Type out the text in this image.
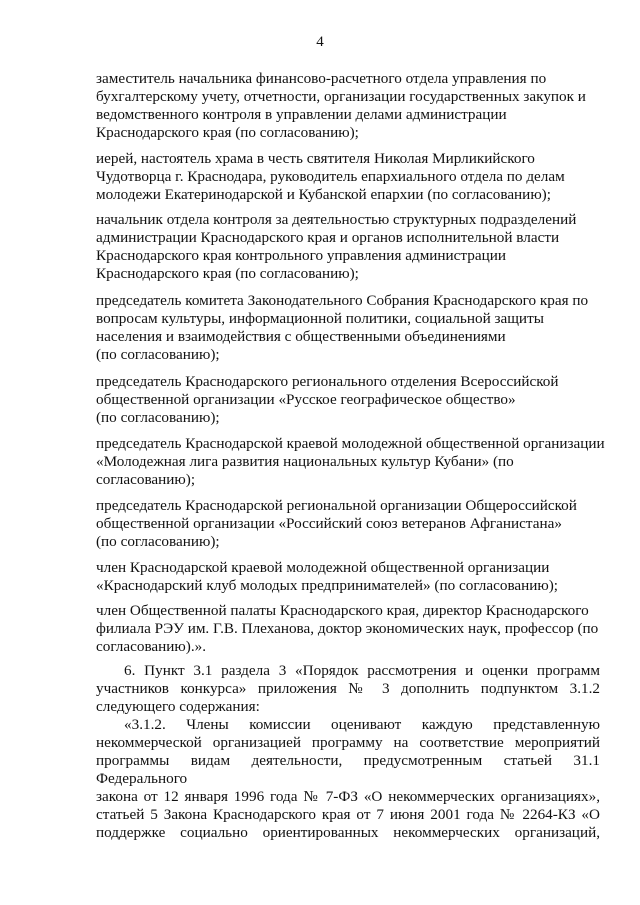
4
заместитель начальника финансово-расчетного отдела управления по
бухгалтерскому учету, отчетности, организации государственных закупок и
ведомственного контроля в управлении делами администрации
Краснодарского края (по согласованию);
иерей, настоятель храма в честь святителя Николая Мирликийского
Чудотворца г. Краснодара, руководитель епархиального отдела по делам
молодежи Екатеринодарской и Кубанской епархии (по согласованию);
начальник отдела контроля за деятельностью структурных подразделений
администрации Краснодарского края и органов исполнительной власти
Краснодарского края контрольного управления администрации
Краснодарского края (по согласованию);
председатель комитета Законодательного Собрания Краснодарского края по
вопросам культуры, информационной политики, социальной защиты
населения и взаимодействия с общественными объединениями
(по согласованию);
председатель Краснодарского регионального отделения Всероссийской
общественной организации «Русское географическое общество»
(по согласованию);
председатель Краснодарской краевой молодежной общественной организации
«Молодежная лига развития национальных культур Кубани» (по
согласованию);
председатель Краснодарской региональной организации Общероссийской
общественной организации «Российский союз ветеранов Афганистана»
(по согласованию);
член Краснодарской краевой молодежной общественной организации
«Краснодарский клуб молодых предпринимателей» (по согласованию);
член Общественной палаты Краснодарского края, директор Краснодарского
филиала РЭУ им. Г.В. Плеханова, доктор экономических наук, профессор (по
согласованию).».
6. Пункт 3.1 раздела 3 «Порядок рассмотрения и оценки программ
участников конкурса» приложения № 3 дополнить подпунктом 3.1.2
следующего содержания:
«3.1.2. Члены комиссии оценивают каждую представленную
некоммерческой организацией программу на соответствие мероприятий
программы видам деятельности, предусмотренным статьей 31.1 Федерального
закона от 12 января 1996 года № 7-ФЗ «О некоммерческих организациях»,
статьей 5 Закона Краснодарского края от 7 июня 2001 года № 2264-КЗ «О
поддержке социально ориентированных некоммерческих организаций,
